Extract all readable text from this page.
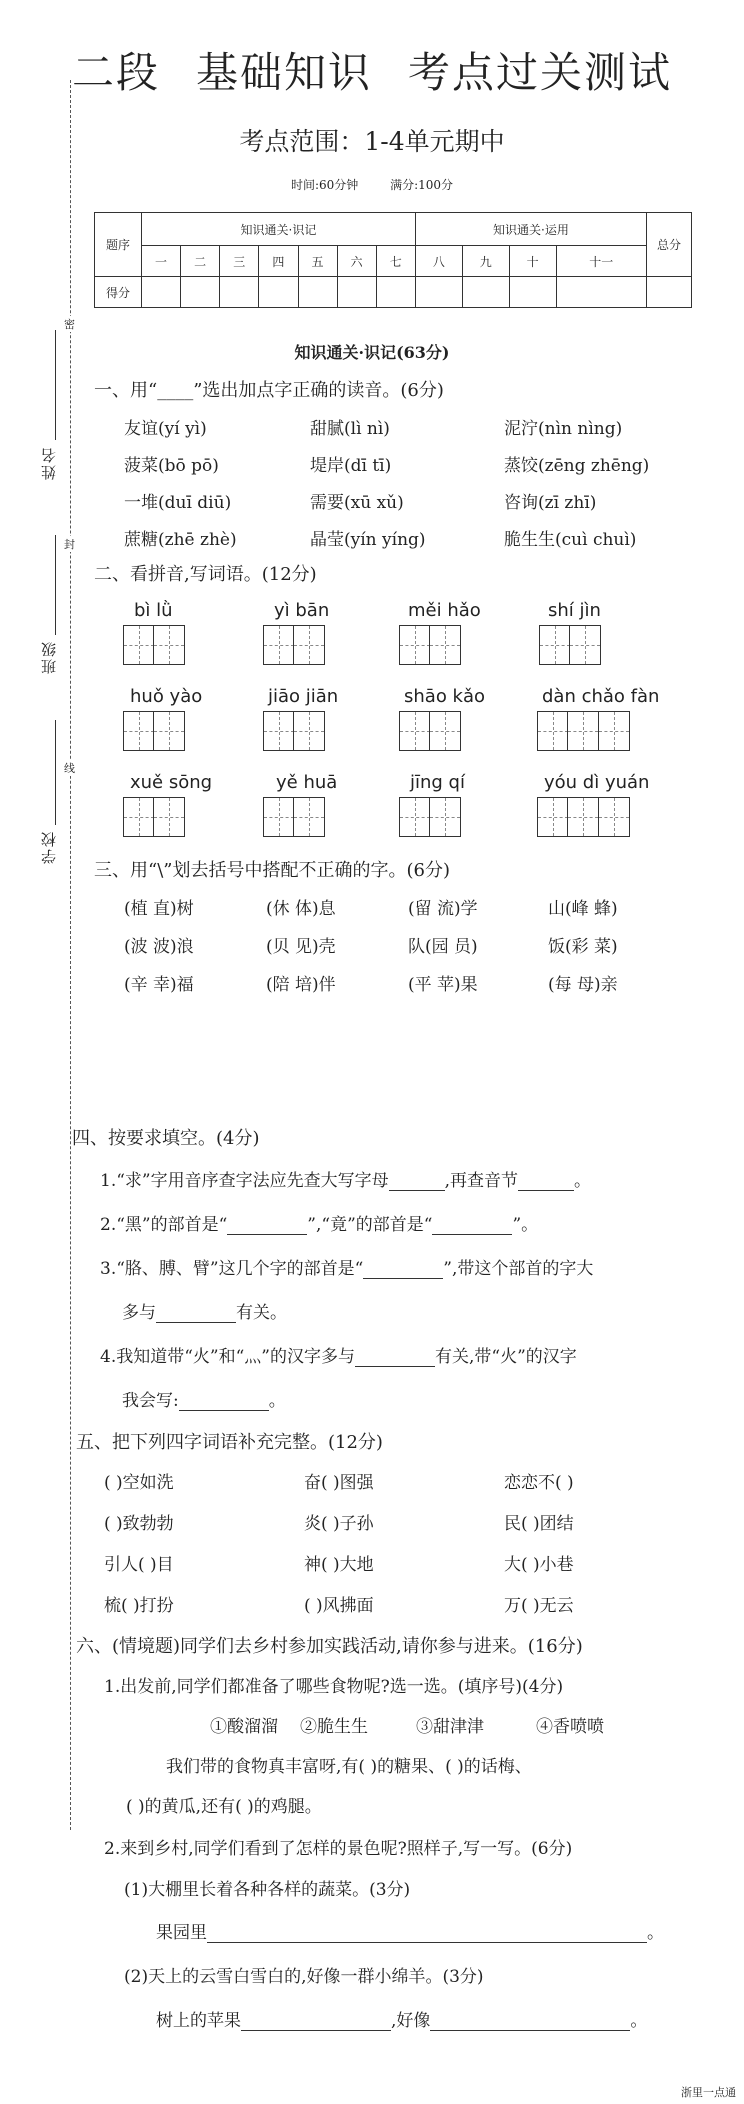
二段 基础知识 考点过关测试
考点范围：1-4单元期中
时间:60分钟	满分:100分
密
封
线
姓名
班级
学校
题序	知识通关·识记							知识通关·运用				总分
	一	二	三	四	五	六	七	八	九	十	十一	
得分												
知识通关·识记(63分)
一、用“____”选出加点字正确的读音。(6分)
友谊(yí yì)	甜腻(lì nì)	泥泞(nìn nìng)
菠菜(bō pō)	堤岸(dī tī)	蒸饺(zēng zhēng)
一堆(duī diū)	需要(xū xǔ)	咨询(zī zhī)
蔗糖(zhē zhè)	晶莹(yín yíng)	脆生生(cuì chuì)
二、看拼音,写词语。(12分)
bì lǜ	yì bān	měi hǎo	shí jìn
huǒ yào	jiāo jiān	shāo kǎo	dàn chǎo fàn
xuě sōng	yě huā	jīng qí	yóu dì yuán
三、用“\”划去括号中搭配不正确的字。(6分)
(植 直)树	(休 体)息	(留 流)学	山(峰 蜂)
(波 波)浪	(贝 见)壳	队(园 员)	饭(彩 菜)
(辛 幸)福	(陪 培)伴	(平 苹)果	(每 母)亲
四、按要求填空。(4分)
1.“求”字用音序查字法应先查大写字母	,再查音节	。
2.“黑”的部首是“	”,“竟”的部首是“	”。
3.“胳、膊、臂”这几个字的部首是“	”,带这个部首的字大
多与	有关。
4.我知道带“火”和“灬”的汉字多与	有关,带“火”的汉字
我会写:	。
五、把下列四字词语补充完整。(12分)
( )空如洗	奋( )图强	恋恋不( )
( )致勃勃	炎( )子孙	民( )团结
引人( )目	神( )大地	大( )小巷
梳( )打扮	( )风拂面	万( )无云
六、(情境题)同学们去乡村参加实践活动,请你参与进来。(16分)
1.出发前,同学们都准备了哪些食物呢?选一选。(填序号)(4分)
①酸溜溜 ②脆生生	③甜津津	④香喷喷
我们带的食物真丰富呀,有( )的糖果、( )的话梅、
( )的黄瓜,还有( )的鸡腿。
2.来到乡村,同学们看到了怎样的景色呢?照样子,写一写。(6分)
(1)大棚里长着各种各样的蔬菜。(3分)
果园里	。
(2)天上的云雪白雪白的,好像一群小绵羊。(3分)
树上的苹果	,好像	。
浙里一点通
